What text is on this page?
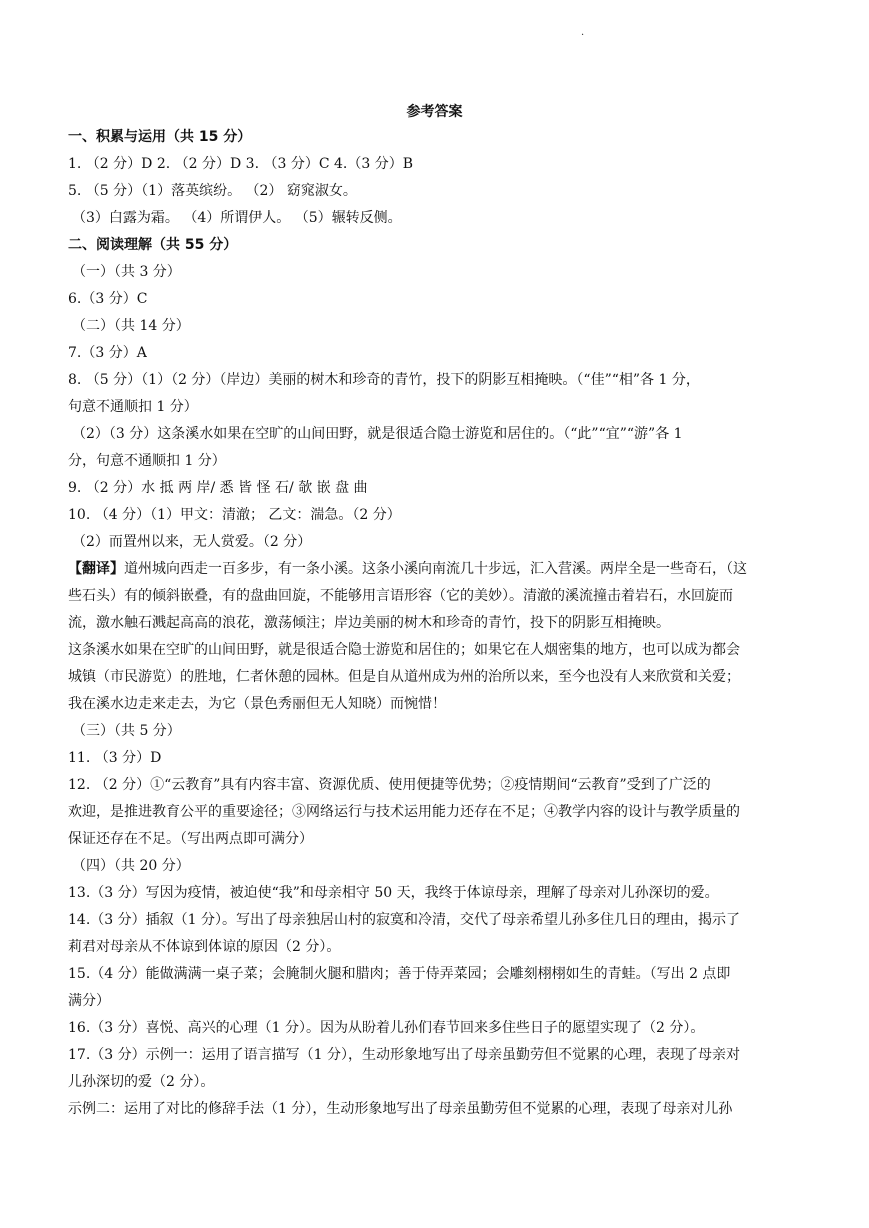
·
参考答案
一、积累与运用（共 15 分）
1. （2 分）D 2. （2 分）D 3. （3 分）C 4.（3 分）B
5. （5 分）（1）落英缤纷。 （2） 窈窕淑女。
（3）白露为霜。 （4）所谓伊人。 （5）辗转反侧。
二、阅读理解（共 55 分）
（一）（共 3 分）
6.（3 分）C
（二）（共 14 分）
7.（3 分）A
8. （5 分）（1）（2 分）（岸边）美丽的树木和珍奇的青竹，投下的阴影互相掩映。（“佳”“相”各 1 分，
句意不通顺扣 1 分）
（2）（3 分）这条溪水如果在空旷的山间田野，就是很适合隐士游览和居住的。（“此”“宜”“游”各 1
分，句意不通顺扣 1 分）
9. （2 分）水 抵 两 岸/ 悉 皆 怪 石/ 欹 嵌 盘 曲
10. （4 分）（1）甲文：清澈； 乙文：湍急。（2 分）
（2）而置州以来，无人赏爱。（2 分）
【翻译】道州城向西走一百多步，有一条小溪。这条小溪向南流几十步远，汇入营溪。两岸全是一些奇石，（这
些石头）有的倾斜嵌叠，有的盘曲回旋，不能够用言语形容（它的美妙）。清澈的溪流撞击着岩石，水回旋而
流，激水触石溅起高高的浪花，激荡倾注；岸边美丽的树木和珍奇的青竹，投下的阴影互相掩映。
这条溪水如果在空旷的山间田野，就是很适合隐士游览和居住的；如果它在人烟密集的地方，也可以成为都会
城镇（市民游览）的胜地，仁者休憩的园林。但是自从道州成为州的治所以来，至今也没有人来欣赏和关爱；
我在溪水边走来走去，为它（景色秀丽但无人知晓）而惋惜！
（三）（共 5 分）
11. （3 分）D
12. （2 分）①“云教育”具有内容丰富、资源优质、使用便捷等优势；②疫情期间“云教育”受到了广泛的
欢迎，是推进教育公平的重要途径；③网络运行与技术运用能力还存在不足；④教学内容的设计与教学质量的
保证还存在不足。（写出两点即可满分）
（四）（共 20 分）
13.（3 分）写因为疫情，被迫使“我”和母亲相守 50 天，我终于体谅母亲，理解了母亲对儿孙深切的爱。
14.（3 分）插叙（1 分）。写出了母亲独居山村的寂寞和冷清，交代了母亲希望儿孙多住几日的理由，揭示了
莉君对母亲从不体谅到体谅的原因（2 分）。
15.（4 分）能做满满一桌子菜；会腌制火腿和腊肉；善于侍弄菜园；会雕刻栩栩如生的青蛙。（写出 2 点即
满分）
16.（3 分）喜悦、高兴的心理（1 分）。因为从盼着儿孙们春节回来多住些日子的愿望实现了（2 分）。
17.（3 分）示例一：运用了语言描写（1 分），生动形象地写出了母亲虽勤劳但不觉累的心理，表现了母亲对
儿孙深切的爱（2 分）。
示例二：运用了对比的修辞手法（1 分），生动形象地写出了母亲虽勤劳但不觉累的心理，表现了母亲对儿孙
